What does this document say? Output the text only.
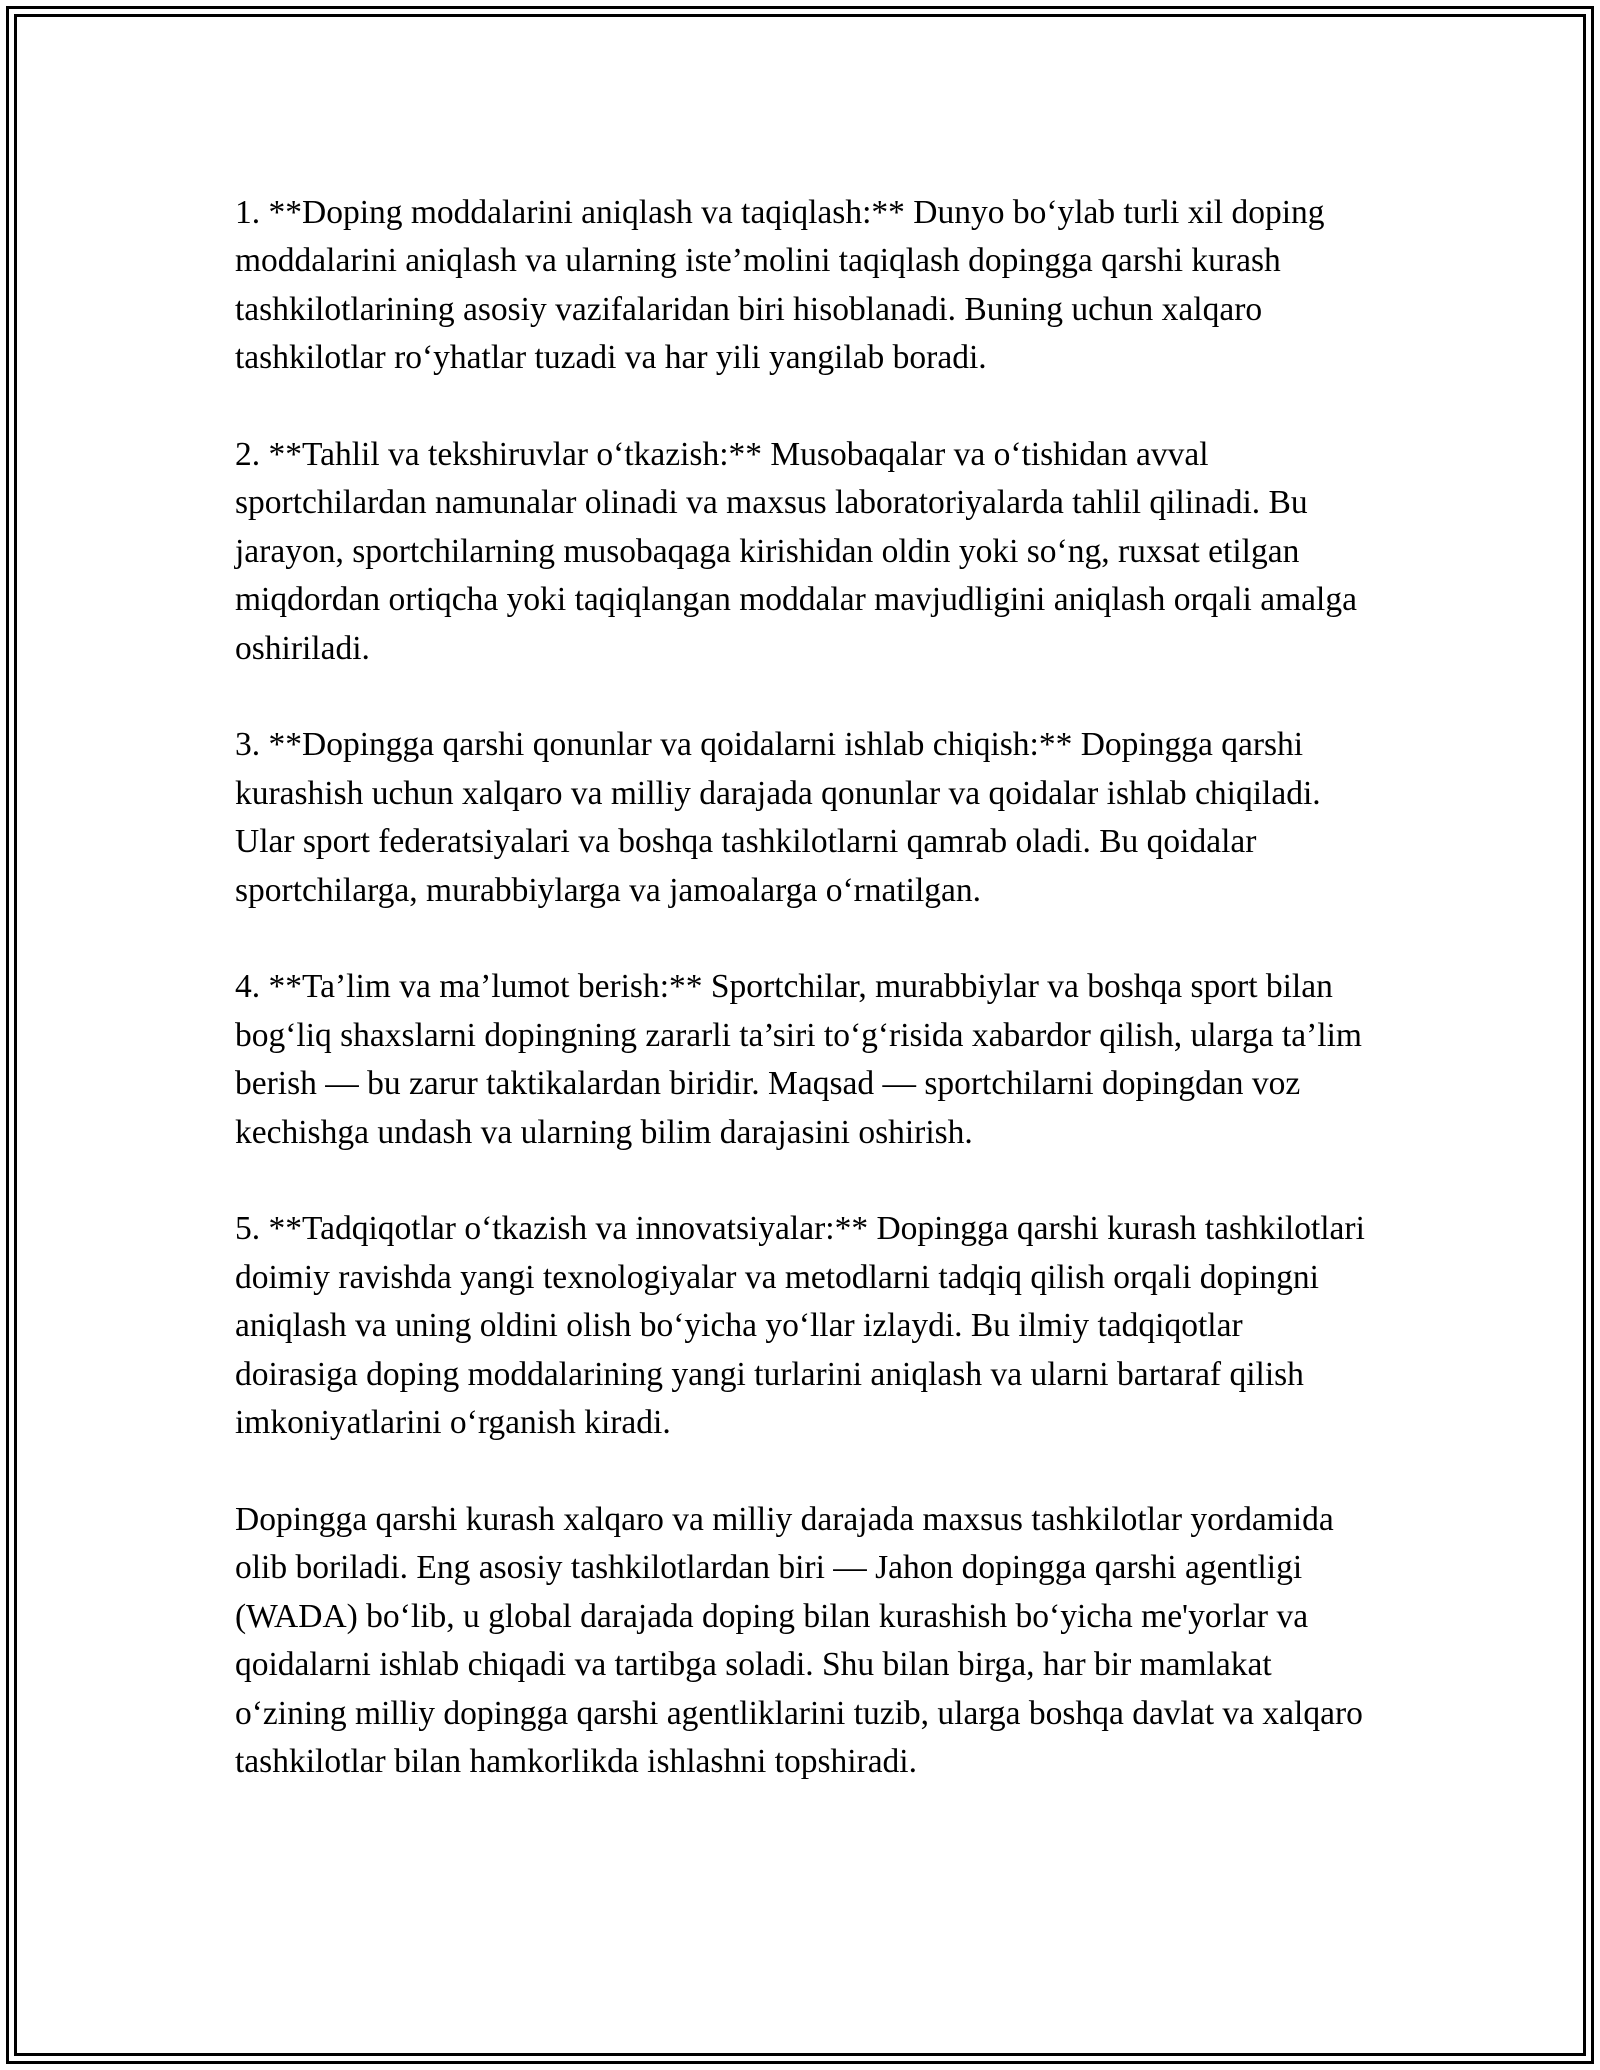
1. **Doping moddalarini aniqlash va taqiqlash:** Dunyo bo‘ylab turli xil doping moddalarini aniqlash va ularning iste’molini taqiqlash dopingga qarshi kurash tashkilotlarining asosiy vazifalaridan biri hisoblanadi. Buning uchun xalqaro tashkilotlar ro‘yhatlar tuzadi va har yili yangilab boradi.

2. **Tahlil va tekshiruvlar o‘tkazish:** Musobaqalar va o‘tishidan avval sportchilardan namunalar olinadi va maxsus laboratoriyalarda tahlil qilinadi. Bu jarayon, sportchilarning musobaqaga kirishidan oldin yoki so‘ng, ruxsat etilgan miqdordan ortiqcha yoki taqiqlangan moddalar mavjudligini aniqlash orqali amalga oshiriladi.

3. **Dopingga qarshi qonunlar va qoidalarni ishlab chiqish:** Dopingga qarshi kurashish uchun xalqaro va milliy darajada qonunlar va qoidalar ishlab chiqiladi. Ular sport federatsiyalari va boshqa tashkilotlarni qamrab oladi. Bu qoidalar sportchilarga, murabbiylarga va jamoalarga o‘rnatilgan.

4. **Ta’lim va ma’lumot berish:** Sportchilar, murabbiylar va boshqa sport bilan bog‘liq shaxslarni dopingning zararli ta’siri to‘g‘risida xabardor qilish, ularga ta’lim berish — bu zarur taktikalardan biridir. Maqsad — sportchilarni dopingdan voz kechishga undash va ularning bilim darajasini oshirish.

5. **Tadqiqotlar o‘tkazish va innovatsiyalar:** Dopingga qarshi kurash tashkilotlari doimiy ravishda yangi texnologiyalar va metodlarni tadqiq qilish orqali dopingni aniqlash va uning oldini olish bo‘yicha yo‘llar izlaydi. Bu ilmiy tadqiqotlar doirasiga doping moddalarining yangi turlarini aniqlash va ularni bartaraf qilish imkoniyatlarini o‘rganish kiradi.

Dopingga qarshi kurash xalqaro va milliy darajada maxsus tashkilotlar yordamida olib boriladi. Eng asosiy tashkilotlardan biri — Jahon dopingga qarshi agentligi (WADA) bo‘lib, u global darajada doping bilan kurashish bo‘yicha me'yorlar va qoidalarni ishlab chiqadi va tartibga soladi. Shu bilan birga, har bir mamlakat o‘zining milliy dopingga qarshi agentliklarini tuzib, ularga boshqa davlat va xalqaro tashkilotlar bilan hamkorlikda ishlashni topshiradi.
